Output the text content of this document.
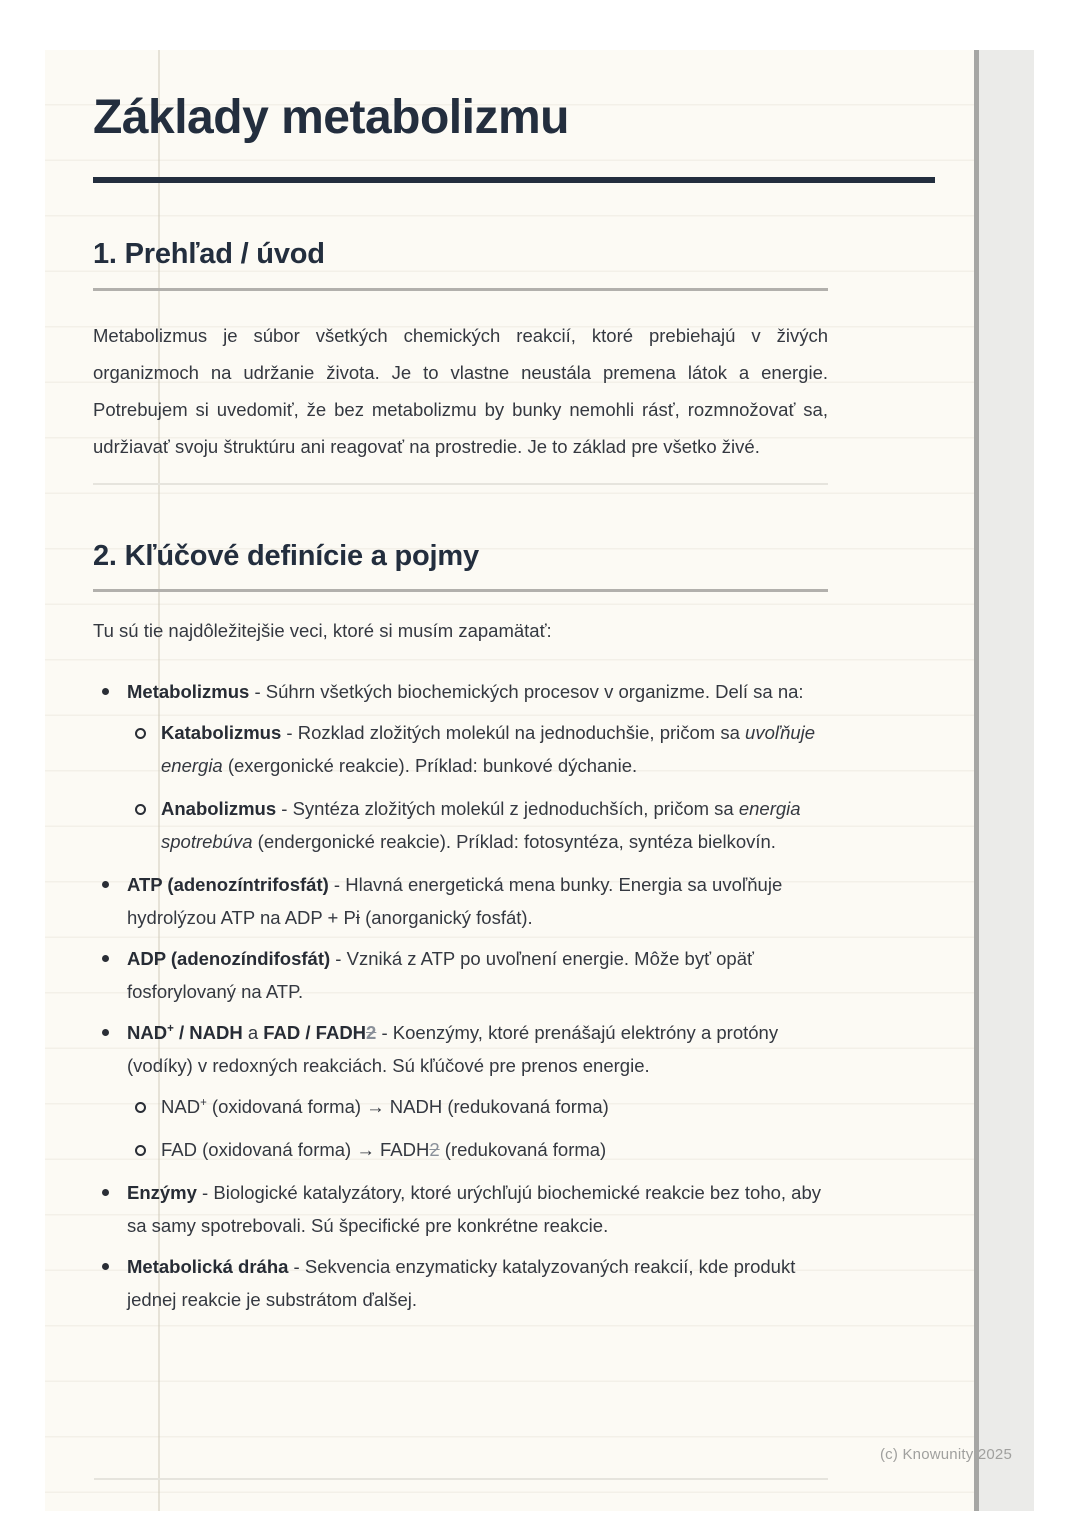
Základy metabolizmu
1. Prehľad / úvod

Metabolizmus je súbor všetkých chemických reakcií, ktoré prebiehajú v živých organizmoch na udržanie života. Je to vlastne neustála premena látok a energie. Potrebujem si uvedomiť, že bez metabolizmu by bunky nemohli rásť, rozmnožovať sa, udržiavať svoju štruktúru ani reagovať na prostredie. Je to základ pre všetko živé.

2. Kľúčové definície a pojmy

Tu sú tie najdôležitejšie veci, ktoré si musím zapamätať:

Metabolizmus - Súhrn všetkých biochemických procesov v organizme. Delí sa na:
Katabolizmus - Rozklad zložitých molekúl na jednoduchšie, pričom sa uvoľňuje energia (exergonické reakcie). Príklad: bunkové dýchanie.
Anabolizmus - Syntéza zložitých molekúl z jednoduchších, pričom sa energia spotrebúva (endergonické reakcie). Príklad: fotosyntéza, syntéza bielkovín.
ATP (adenozíntrifosfát) - Hlavná energetická mena bunky. Energia sa uvoľňuje hydrolýzou ATP na ADP + Pi (anorganický fosfát).
ADP (adenozíndifosfát) - Vzniká z ATP po uvoľnení energie. Môže byť opäť fosforylovaný na ATP.
NAD+ / NADH a FAD / FADH2 - Koenzýmy, ktoré prenášajú elektróny a protóny (vodíky) v redoxných reakciách. Sú kľúčové pre prenos energie.
NAD+ (oxidovaná forma) → NADH (redukovaná forma)
FAD (oxidovaná forma) → FADH2 (redukovaná forma)
Enzýmy - Biologické katalyzátory, ktoré urýchľujú biochemické reakcie bez toho, aby sa samy spotrebovali. Sú špecifické pre konkrétne reakcie.
Metabolická dráha - Sekvencia enzymaticky katalyzovaných reakcií, kde produkt jednej reakcie je substrátom ďalšej.
(c) Knowunity 2025
